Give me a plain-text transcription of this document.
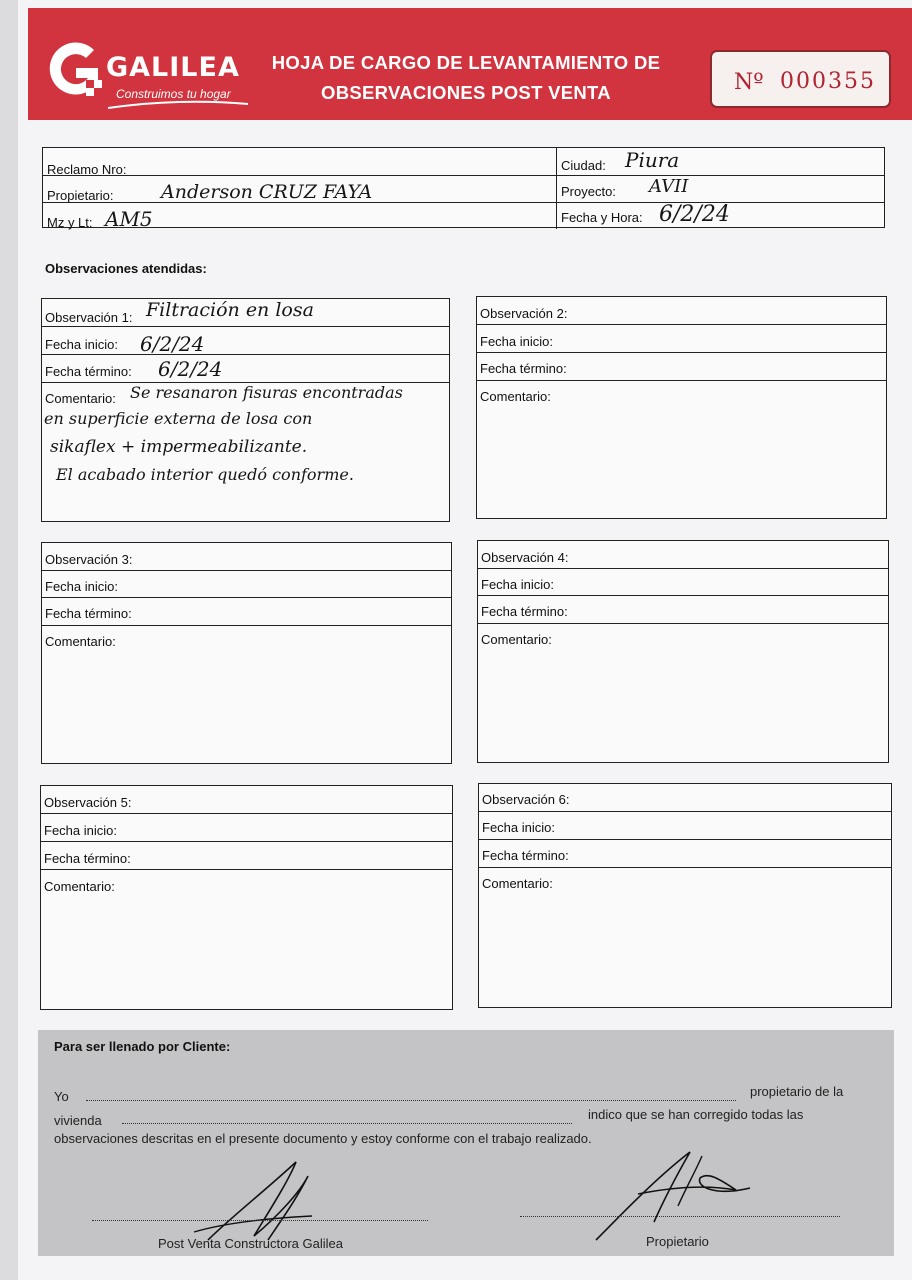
GALILEA
Construimos tu hogar
HOJA DE CARGO DE LEVANTAMIENTO DE
OBSERVACIONES POST VENTA	Nº 000355
Reclamo Nro:
Propietario:	Anderson CRUZ FAYA
Mz y Lt: AM5
Ciudad: Piura
Proyecto: AVII
Fecha y Hora: 6/2/24
Observaciones atendidas:
Observación 1: Filtración en losa
Fecha inicio: 6/2/24
Fecha término: 6/2/24
Comentario: Se resanaron fisuras encontradas
en superficie externa de losa con
sikaflex + impermeabilizante.
El acabado interior quedó conforme.
Observación 2:
Fecha inicio:
Fecha término:
Comentario:
Observación 3:
Fecha inicio:
Fecha término:
Comentario:
Observación 4:
Fecha inicio:
Fecha término:
Comentario:
Observación 5:
Fecha inicio:
Fecha término:
Comentario:
Observación 6:
Fecha inicio:
Fecha término:
Comentario:
Para ser llenado por Cliente:
Yo	propietario de la
vivienda	indico que se han corregido todas las
observaciones descritas en el presente documento y estoy conforme con el trabajo realizado.
Post Venta Constructora Galilea	Propietario
